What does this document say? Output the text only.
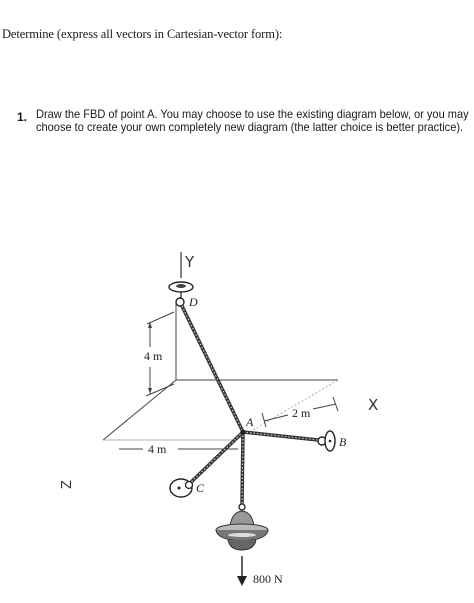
Determine (express all vectors in Cartesian-vector form):
1. Draw the FBD of point A. You may choose to use the existing diagram below, or you may
choose to create your own completely new diagram (the latter choice is better practice).
Y
D
4 m
4 m
2 m	X
Z
A
B
C
800 N
